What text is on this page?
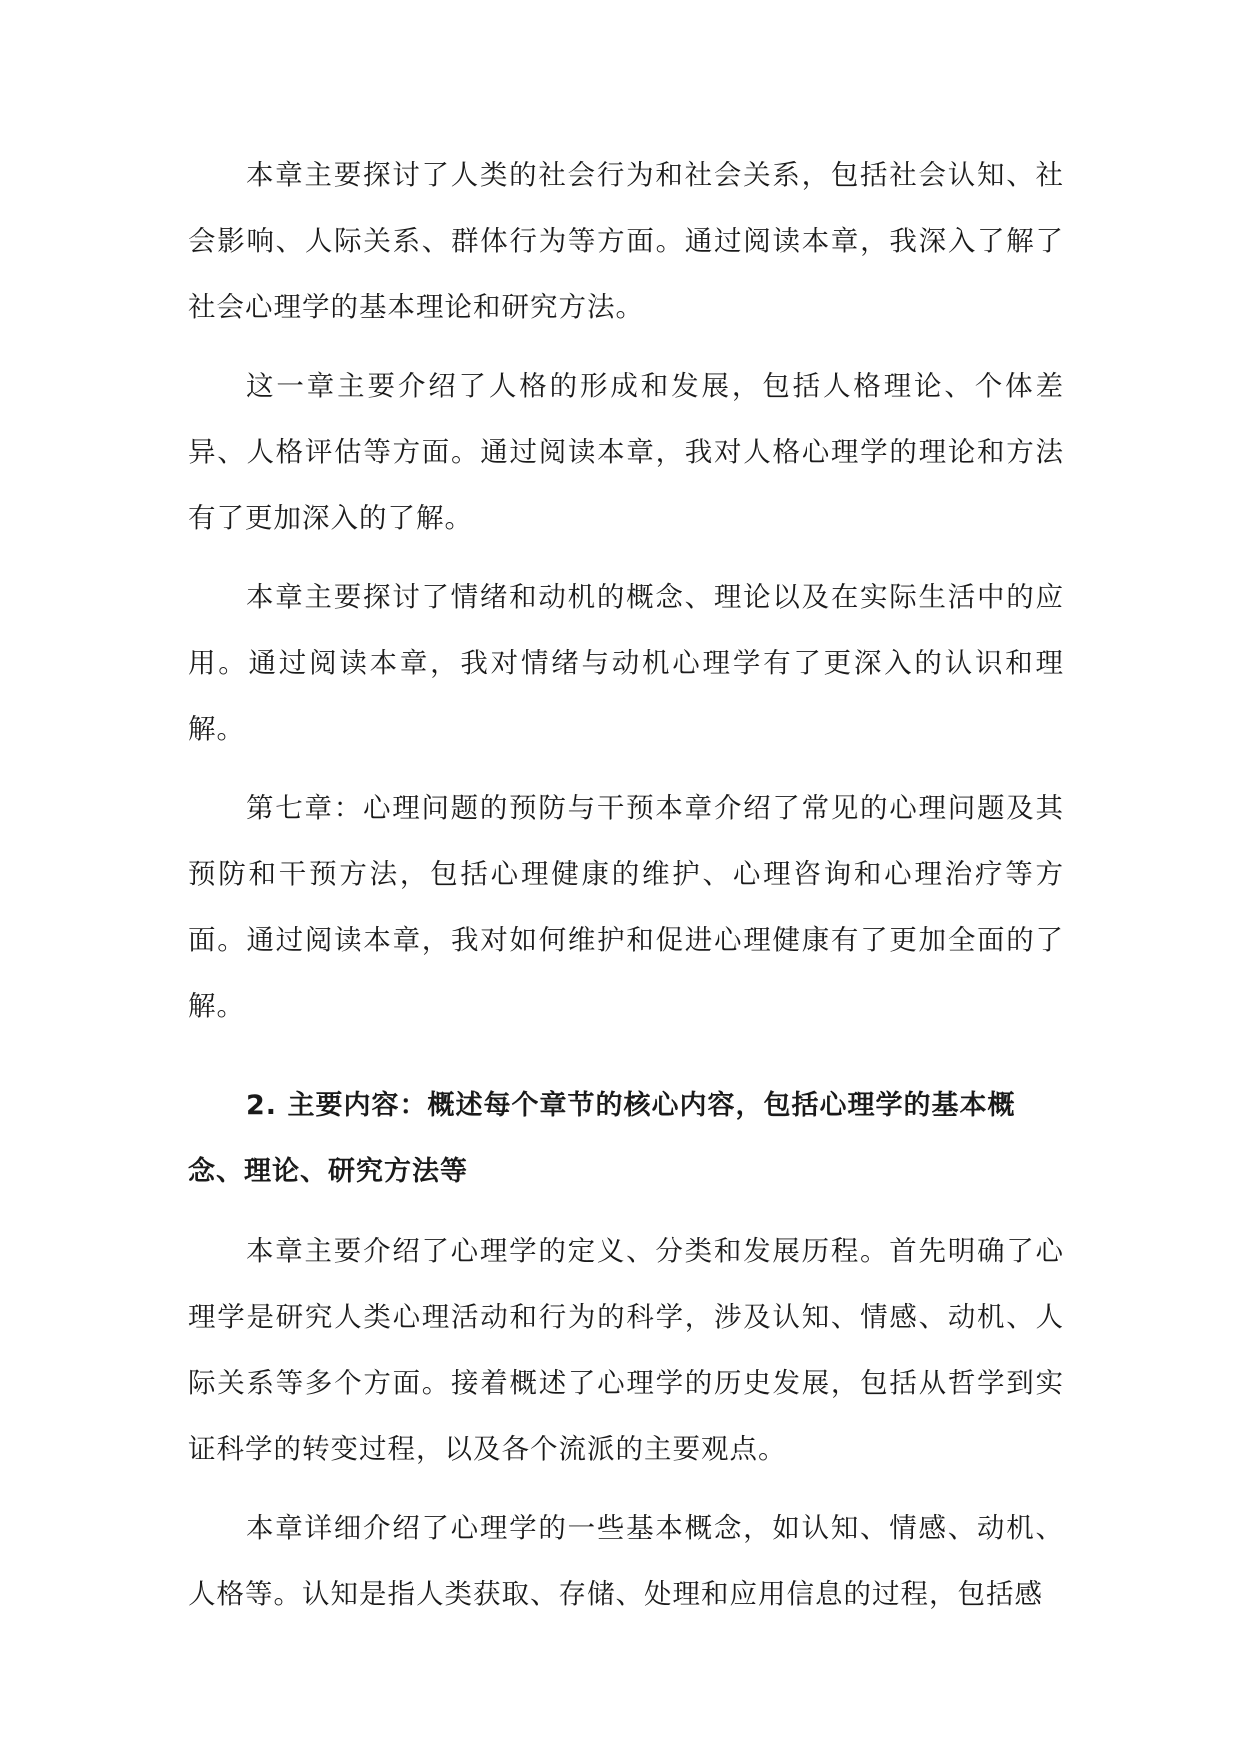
本章主要探讨了人类的社会行为和社会关系，包括社会认知、社会影响、人际关系、群体行为等方面。通过阅读本章，我深入了解了社会心理学的基本理论和研究方法。

这一章主要介绍了人格的形成和发展，包括人格理论、个体差异、人格评估等方面。通过阅读本章，我对人格心理学的理论和方法有了更加深入的了解。

本章主要探讨了情绪和动机的概念、理论以及在实际生活中的应用。通过阅读本章，我对情绪与动机心理学有了更深入的认识和理解。

第七章：心理问题的预防与干预本章介绍了常见的心理问题及其预防和干预方法，包括心理健康的维护、心理咨询和心理治疗等方面。通过阅读本章，我对如何维护和促进心理健康有了更加全面的了解。

2. 主要内容：概述每个章节的核心内容，包括心理学的基本概念、理论、研究方法等

本章主要介绍了心理学的定义、分类和发展历程。首先明确了心理学是研究人类心理活动和行为的科学，涉及认知、情感、动机、人际关系等多个方面。接着概述了心理学的历史发展，包括从哲学到实证科学的转变过程，以及各个流派的主要观点。

本章详细介绍了心理学的一些基本概念，如认知、情感、动机、人格等。认知是指人类获取、存储、处理和应用信息的过程，包括感
